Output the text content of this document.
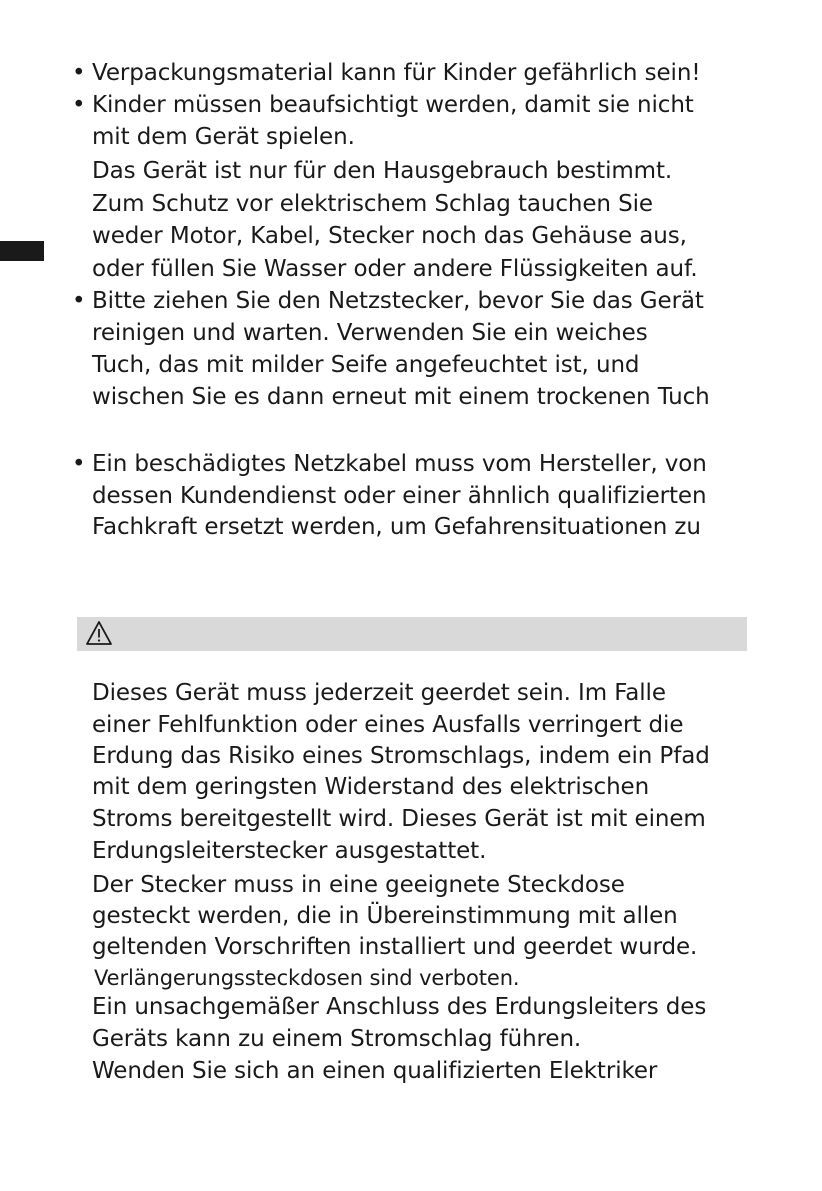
•
•
•
•
Verpackungsmaterial kann für Kinder gefährlich sein!
Kinder müssen beaufsichtigt werden, damit sie nicht
mit dem Gerät spielen.
Das Gerät ist nur für den Hausgebrauch bestimmt.
Zum Schutz vor elektrischem Schlag tauchen Sie
weder Motor, Kabel, Stecker noch das Gehäuse aus,
oder füllen Sie Wasser oder andere Flüssigkeiten auf.
Bitte ziehen Sie den Netzstecker, bevor Sie das Gerät
reinigen und warten. Verwenden Sie ein weiches
Tuch, das mit milder Seife angefeuchtet ist, und
wischen Sie es dann erneut mit einem trockenen Tuch
Ein beschädigtes Netzkabel muss vom Hersteller, von
dessen Kundendienst oder einer ähnlich qualifizierten
Fachkraft ersetzt werden, um Gefahrensituationen zu
Dieses Gerät muss jederzeit geerdet sein. Im Falle
einer Fehlfunktion oder eines Ausfalls verringert die
Erdung das Risiko eines Stromschlags, indem ein Pfad
mit dem geringsten Widerstand des elektrischen
Stroms bereitgestellt wird. Dieses Gerät ist mit einem
Erdungsleiterstecker ausgestattet.
Der Stecker muss in eine geeignete Steckdose
gesteckt werden, die in Übereinstimmung mit allen
geltenden Vorschriften installiert und geerdet wurde.
Verlängerungssteckdosen sind verboten.
Ein unsachgemäßer Anschluss des Erdungsleiters des
Geräts kann zu einem Stromschlag führen.
Wenden Sie sich an einen qualifizierten Elektriker
